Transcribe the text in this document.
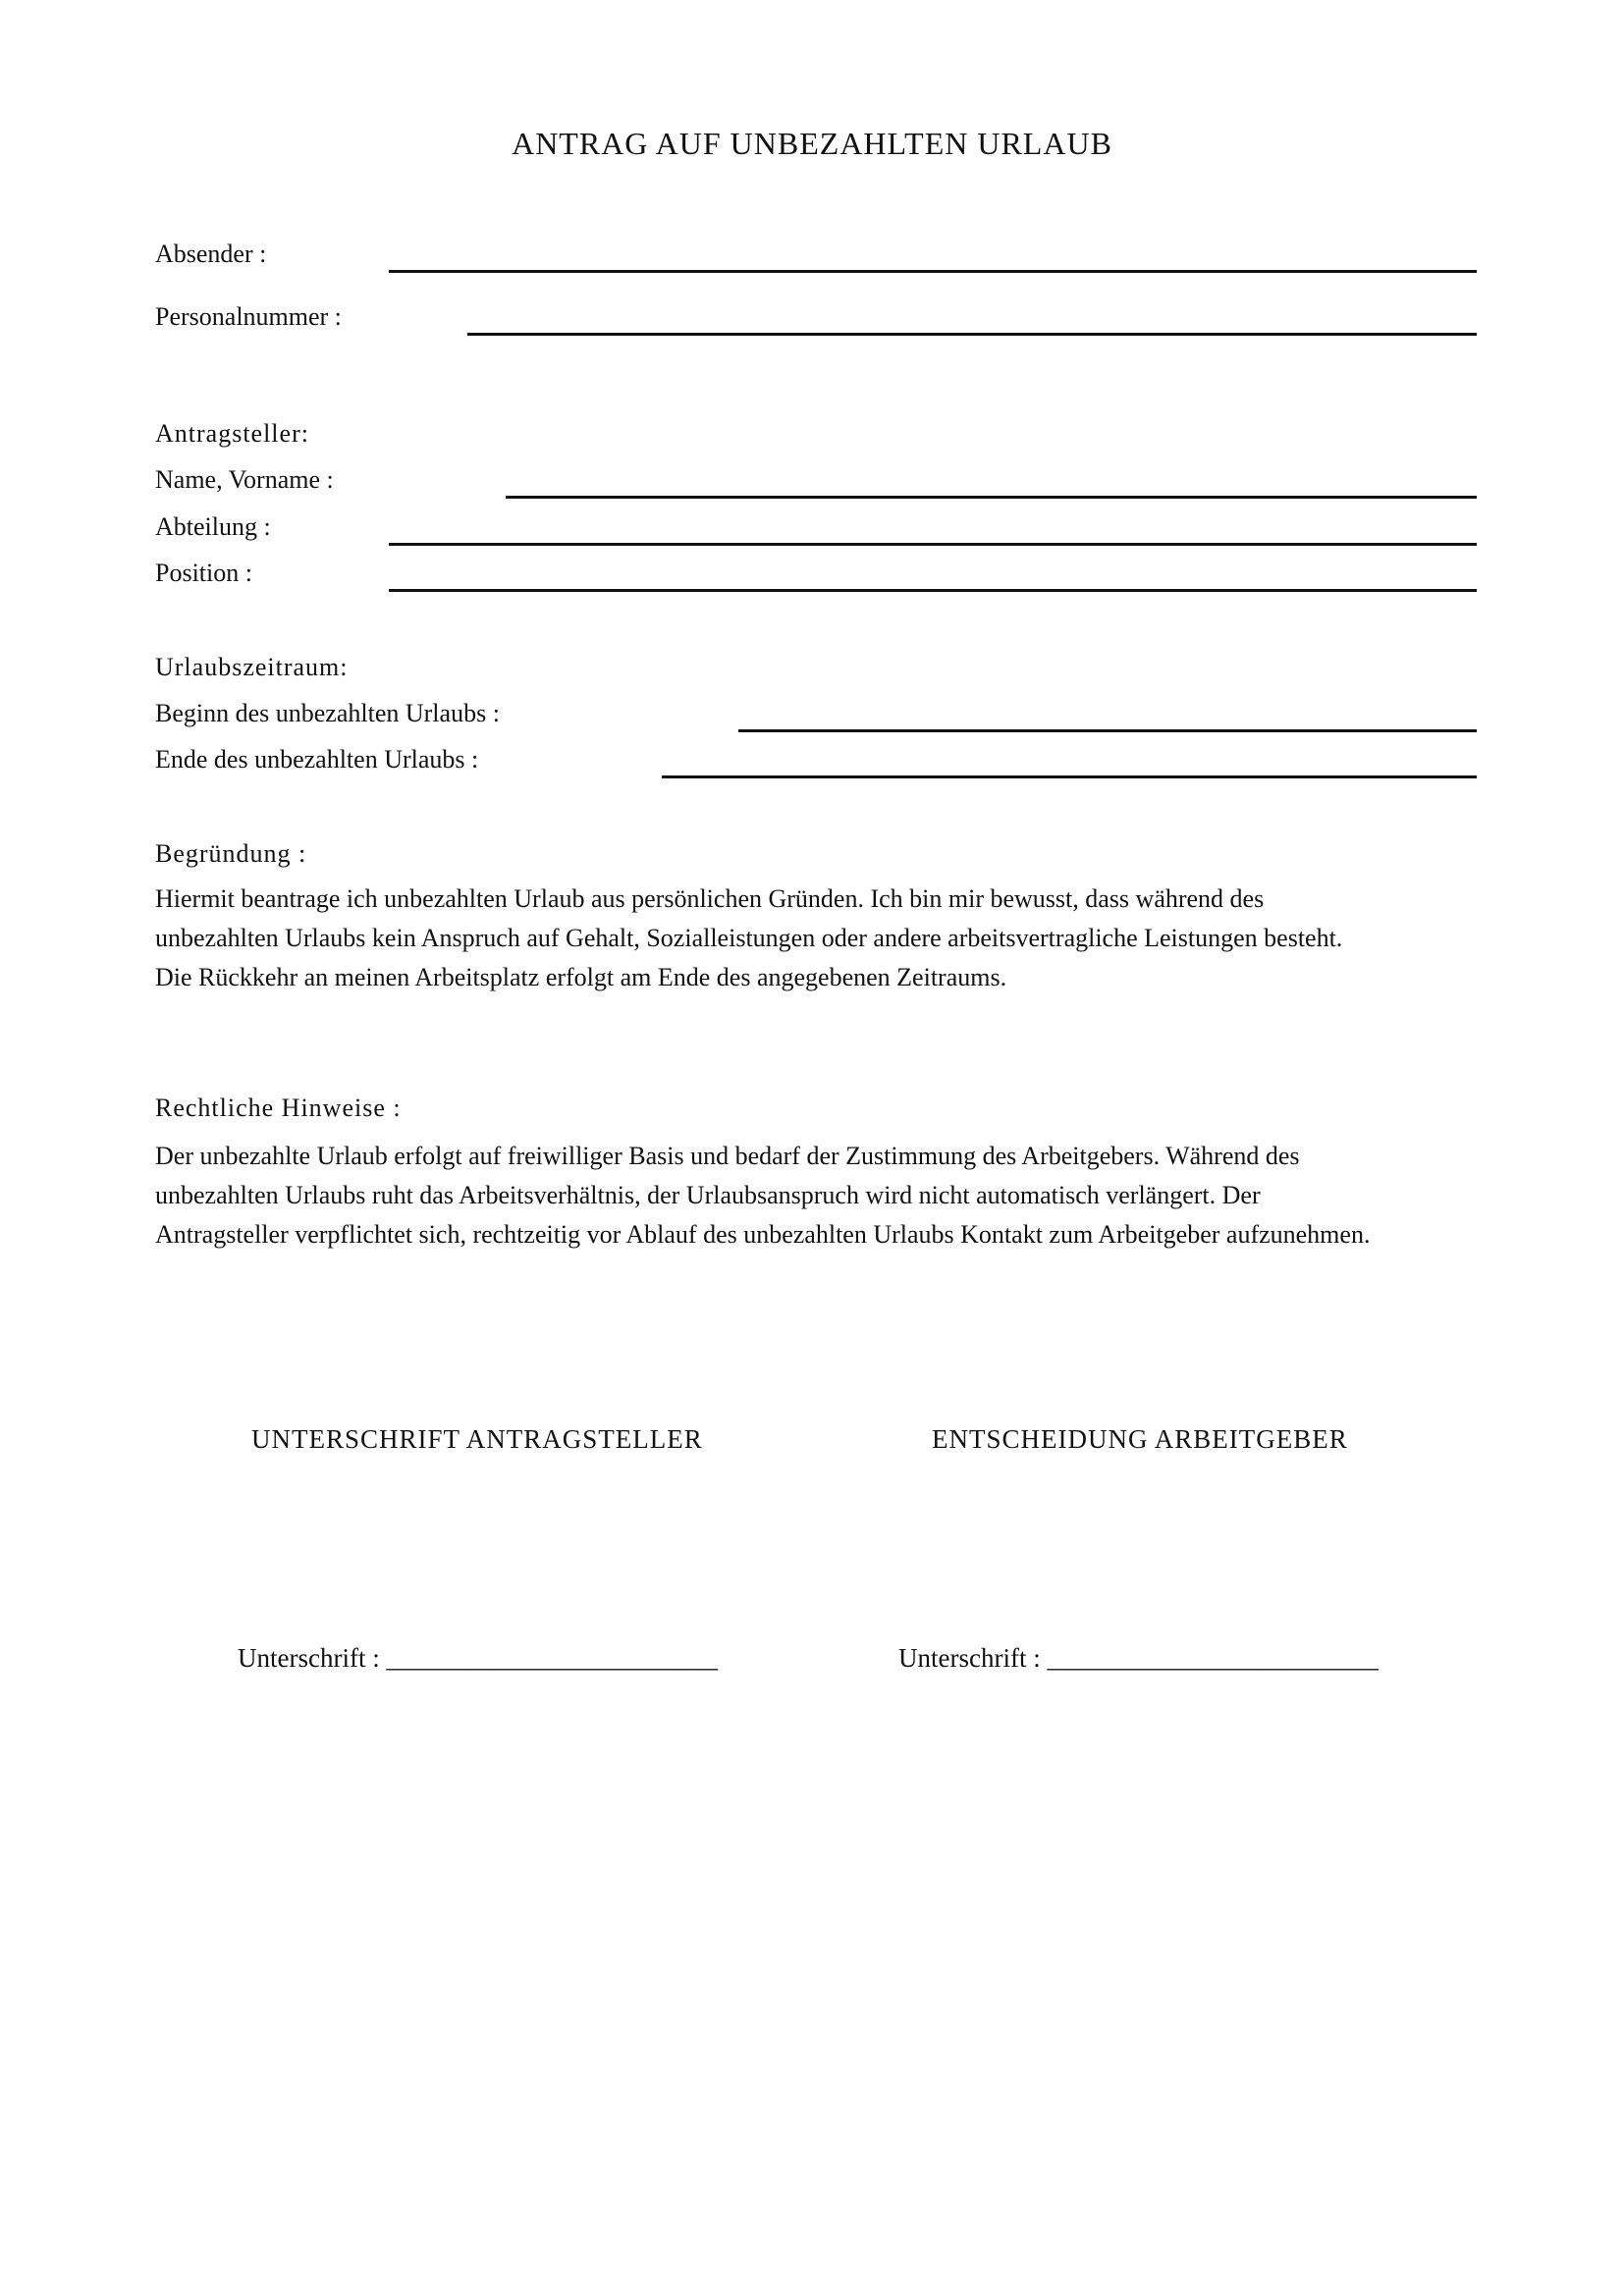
ANTRAG AUF UNBEZAHLTEN URLAUB
Absender :
Personalnummer :
Antragsteller:
Name, Vorname :
Abteilung :
Position :
Urlaubszeitraum:
Beginn des unbezahlten Urlaubs :
Ende des unbezahlten Urlaubs :
Begründung :
Hiermit beantrage ich unbezahlten Urlaub aus persönlichen Gründen. Ich bin mir bewusst, dass während des
unbezahlten Urlaubs kein Anspruch auf Gehalt, Sozialleistungen oder andere arbeitsvertragliche Leistungen besteht.
Die Rückkehr an meinen Arbeitsplatz erfolgt am Ende des angegebenen Zeitraums.
Rechtliche Hinweise :
Der unbezahlte Urlaub erfolgt auf freiwilliger Basis und bedarf der Zustimmung des Arbeitgebers. Während des
unbezahlten Urlaubs ruht das Arbeitsverhältnis, der Urlaubsanspruch wird nicht automatisch verlängert. Der
Antragsteller verpflichtet sich, rechtzeitig vor Ablauf des unbezahlten Urlaubs Kontakt zum Arbeitgeber aufzunehmen.
UNTERSCHRIFT ANTRAGSTELLER	ENTSCHEIDUNG ARBEITGEBER
Unterschrift : _________________________	Unterschrift : _________________________
